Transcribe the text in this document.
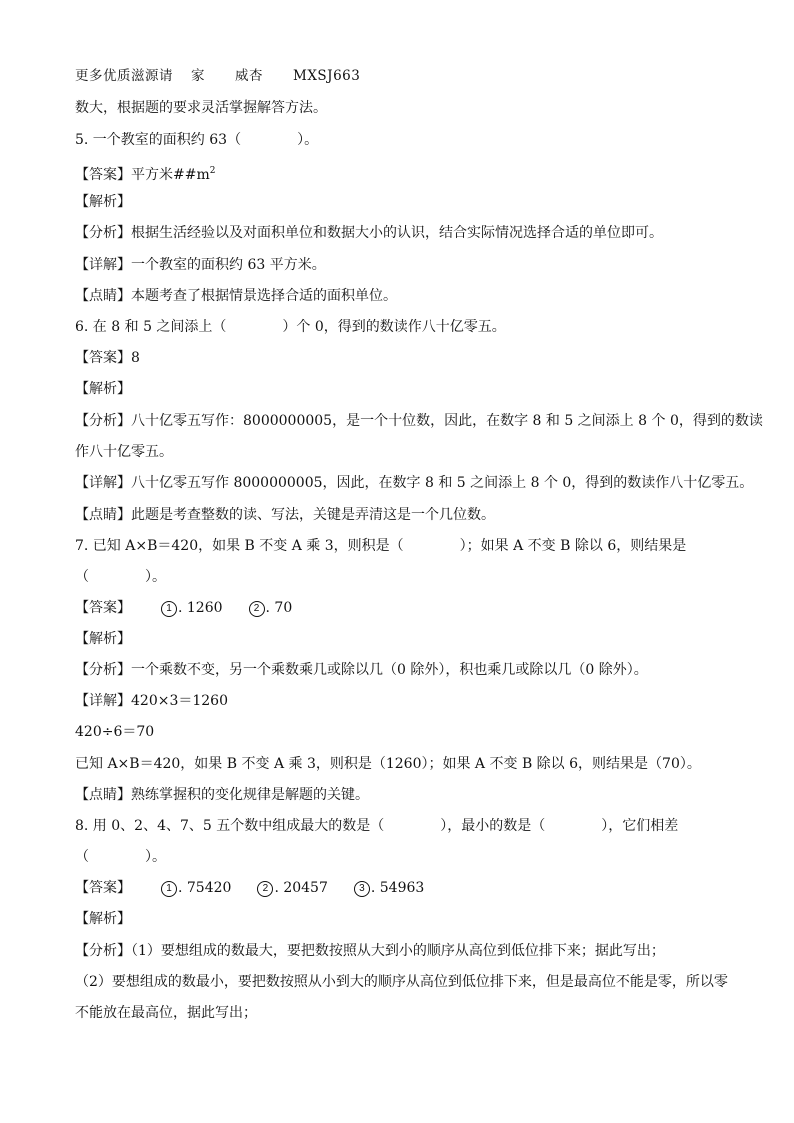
更多优质滋源请 家 威杏 MXSJ663
数大，根据题的要求灵活掌握解答方法。
5. 一个教室的面积约 63（　　　　）。
【答案】平方米$\#\#m^2$
【解析】
【分析】根据生活经验以及对面积单位和数据大小的认识，结合实际情况选择合适的单位即可。
【详解】一个教室的面积约 63 平方米。
【点睛】本题考查了根据情景选择合适的面积单位。
6. 在 8 和 5 之间添上（　　　　）个 0，得到的数读作八十亿零五。
【答案】8
【解析】
【分析】八十亿零五写作：8000000005，是一个十位数，因此，在数字 8 和 5 之间添上 8 个 0，得到的数读
作八十亿零五。
【详解】八十亿零五写作 8000000005，因此，在数字 8 和 5 之间添上 8 个 0，得到的数读作八十亿零五。
【点睛】此题是考查整数的读、写法，关键是弄清这是一个几位数。
7. 已知 A×B＝420，如果 B 不变 A 乘 3，则积是（　　　　）；如果 A 不变 B 除以 6，则结果是
（　　　　）。
【答案】	1 . 1260	2 . 70
【解析】
【分析】一个乘数不变，另一个乘数乘几或除以几（0 除外），积也乘几或除以几（0 除外）。
【详解】420×3＝1260
420÷6＝70
已知 A×B＝420，如果 B 不变 A 乘 3，则积是（1260）；如果 A 不变 B 除以 6，则结果是（70）。
【点睛】熟练掌握积的变化规律是解题的关键。
8. 用 0、2、4、7、5 五个数中组成最大的数是（　　　　），最小的数是（　　　　），它们相差
（　　　　）。
【答案】	1 . 75420	2 . 20457	3 . 54963
【解析】
【分析】（1）要想组成的数最大，要把数按照从大到小的顺序从高位到低位排下来；据此写出；
（2）要想组成的数最小，要把数按照从小到大的顺序从高位到低位排下来，但是最高位不能是零，所以零
不能放在最高位，据此写出；
